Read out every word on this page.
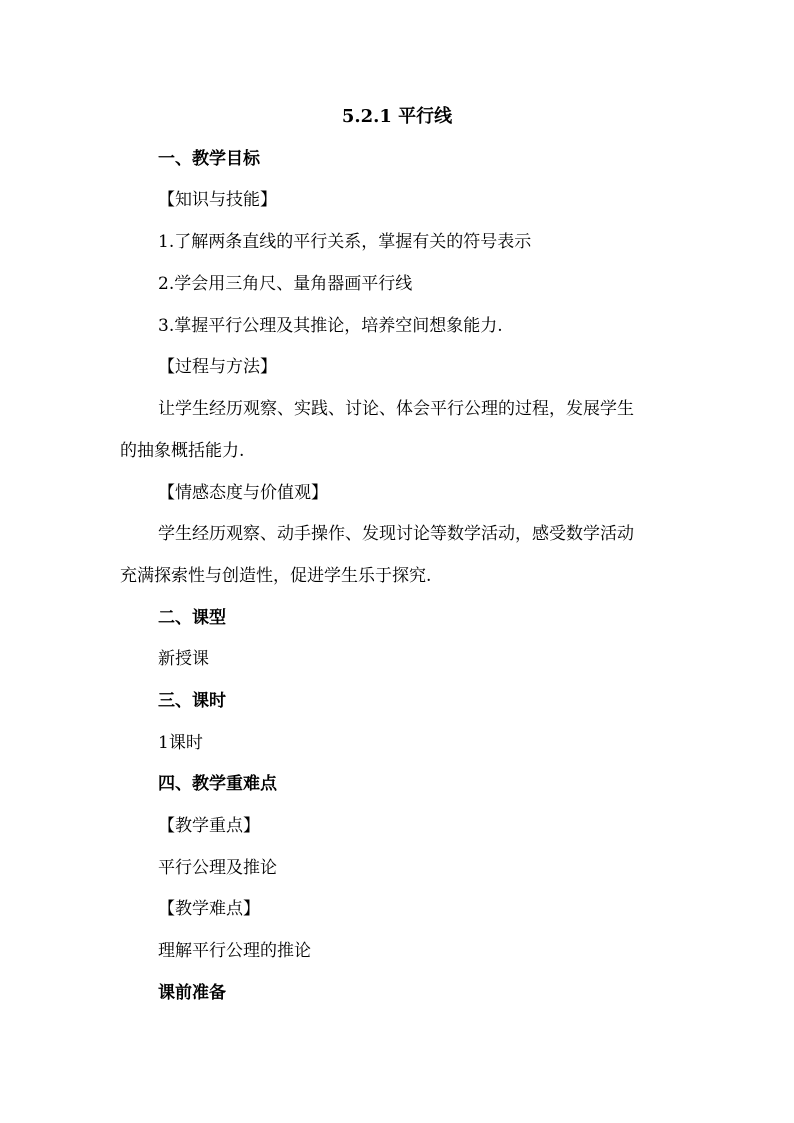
5.2.1 平行线
一、教学目标
【知识与技能】
1.了解两条直线的平行关系，掌握有关的符号表示
2.学会用三角尺、量角器画平行线
3.掌握平行公理及其推论，培养空间想象能力.
【过程与方法】
让学生经历观察、实践、讨论、体会平行公理的过程，发展学生
的抽象概括能力.
【情感态度与价值观】
学生经历观察、动手操作、发现讨论等数学活动，感受数学活动
充满探索性与创造性，促进学生乐于探究.
二、课型
新授课
三、课时
1课时
四、教学重难点
【教学重点】
平行公理及推论
【教学难点】
理解平行公理的推论
课前准备
